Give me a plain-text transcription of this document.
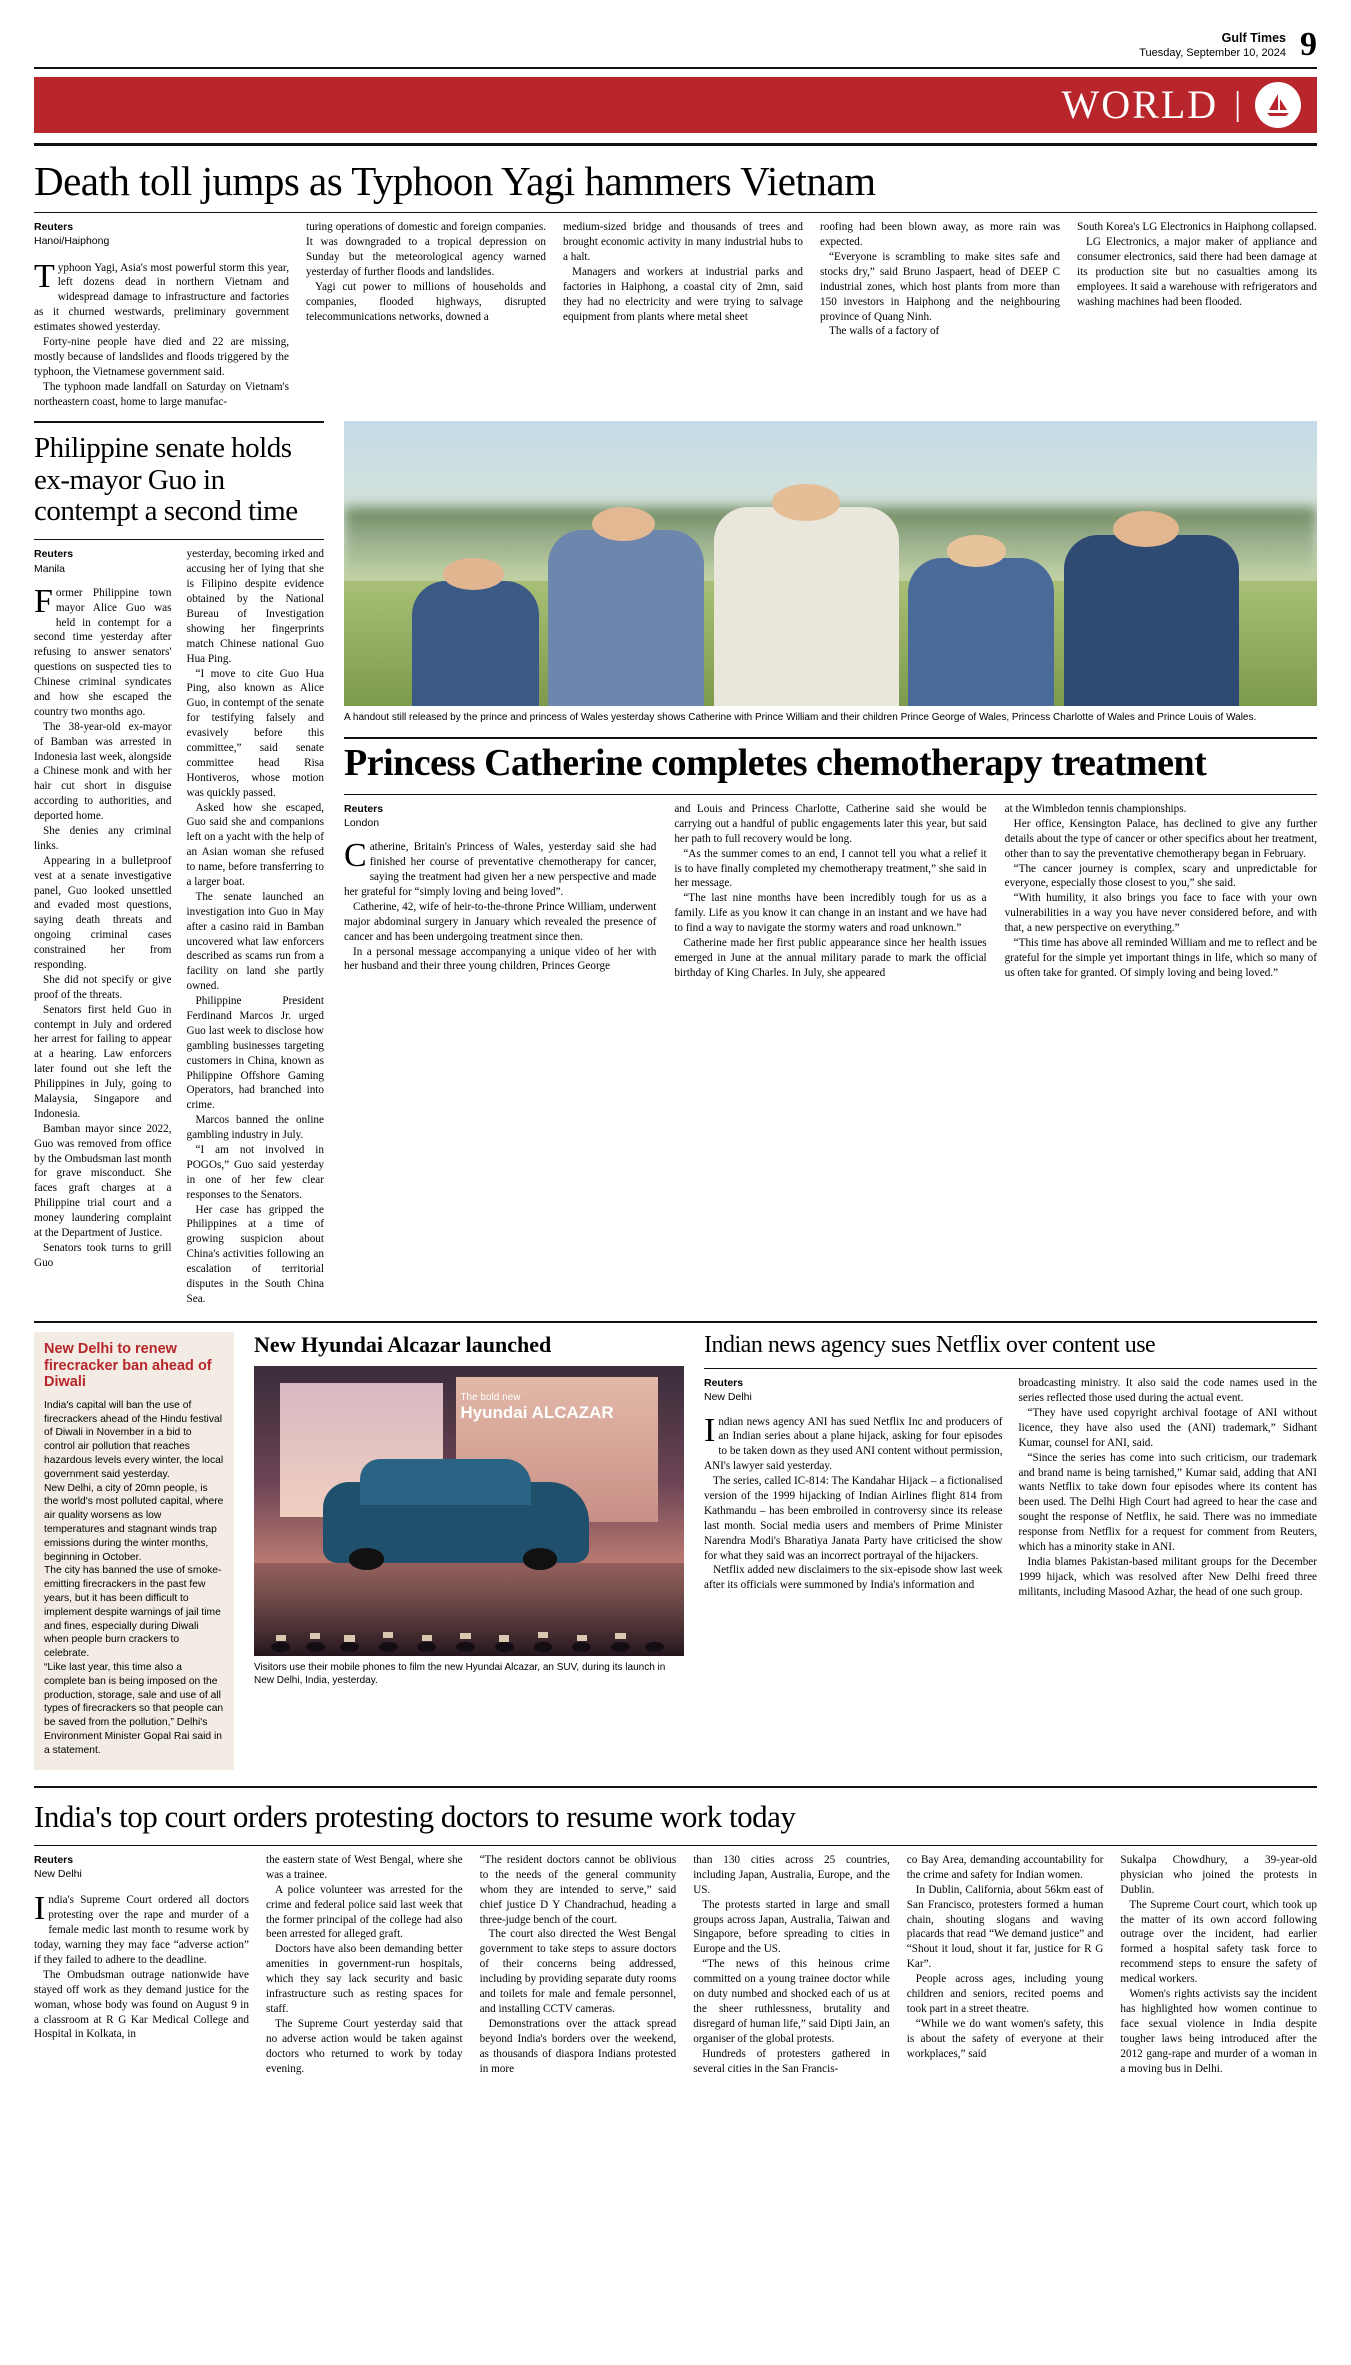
Gulf Times
Tuesday, September 10, 2024 9
WORLD |
Death toll jumps as Typhoon Yagi hammers Vietnam
Reuters
Hanoi/Haiphong

Typhoon Yagi, Asia's most powerful storm this year, left dozens dead in northern Vietnam and widespread damage to infrastructure and factories as it churned westwards, preliminary government estimates showed yesterday.

Forty-nine people have died and 22 are missing, mostly because of landslides and floods triggered by the typhoon, the Vietnamese government said.

The typhoon made landfall on Saturday on Vietnam's northeastern coast, home to large manufac-

turing operations of domestic and foreign companies. It was downgraded to a tropical depression on Sunday but the meteorological agency warned yesterday of further floods and landslides.

Yagi cut power to millions of households and companies, flooded highways, disrupted telecommunications networks, downed a

medium-sized bridge and thousands of trees and brought economic activity in many industrial hubs to a halt.

Managers and workers at industrial parks and factories in Haiphong, a coastal city of 2mn, said they had no electricity and were trying to salvage equipment from plants where metal sheet

roofing had been blown away, as more rain was expected.

“Everyone is scrambling to make sites safe and stocks dry,” said Bruno Jaspaert, head of DEEP C industrial zones, which host plants from more than 150 investors in Haiphong and the neighbouring province of Quang Ninh.

The walls of a factory of

South Korea's LG Electronics in Haiphong collapsed.

LG Electronics, a major maker of appliance and consumer electronics, said there had been damage at its production site but no casualties among its employees. It said a warehouse with refrigerators and washing machines had been flooded.

Philippine senate holds ex-mayor Guo in contempt a second time
Reuters
Manila

Former Philippine town mayor Alice Guo was held in contempt for a second time yesterday after refusing to answer senators' questions on suspected ties to Chinese criminal syndicates and how she escaped the country two months ago.

The 38-year-old ex-mayor of Bamban was arrested in Indonesia last week, alongside a Chinese monk and with her hair cut short in disguise according to authorities, and deported home.

She denies any criminal links.

Appearing in a bulletproof vest at a senate investigative panel, Guo looked unsettled and evaded most questions, saying death threats and ongoing criminal cases constrained her from responding.

She did not specify or give proof of the threats.

Senators first held Guo in contempt in July and ordered her arrest for failing to appear at a hearing. Law enforcers later found out she left the Philippines in July, going to Malaysia, Singapore and Indonesia.

Bamban mayor since 2022, Guo was removed from office by the Ombudsman last month for grave misconduct. She faces graft charges at a Philippine trial court and a money laundering complaint at the Department of Justice.

Senators took turns to grill Guo

yesterday, becoming irked and accusing her of lying that she is Filipino despite evidence obtained by the National Bureau of Investigation showing her fingerprints match Chinese national Guo Hua Ping.

“I move to cite Guo Hua Ping, also known as Alice Guo, in contempt of the senate for testifying falsely and evasively before this committee,” said senate committee head Risa Hontiveros, whose motion was quickly passed.

Asked how she escaped, Guo said she and companions left on a yacht with the help of an Asian woman she refused to name, before transferring to a larger boat.

The senate launched an investigation into Guo in May after a casino raid in Bamban uncovered what law enforcers described as scams run from a facility on land she partly owned.

Philippine President Ferdinand Marcos Jr. urged Guo last week to disclose how gambling businesses targeting customers in China, known as Philippine Offshore Gaming Operators, had branched into crime.

Marcos banned the online gambling industry in July.

“I am not involved in POGOs,” Guo said yesterday in one of her few clear responses to the Senators.

Her case has gripped the Philippines at a time of growing suspicion about China's activities following an escalation of territorial disputes in the South China Sea.

A handout still released by the prince and princess of Wales yesterday shows Catherine with Prince William and their children Prince George of Wales, Princess Charlotte of Wales and Prince Louis of Wales.
Princess Catherine completes chemotherapy treatment
Reuters
London

Catherine, Britain's Princess of Wales, yesterday said she had finished her course of preventative chemotherapy for cancer, saying the treatment had given her a new perspective and made her grateful for “simply loving and being loved”.

Catherine, 42, wife of heir-to-the-throne Prince William, underwent major abdominal surgery in January which revealed the presence of cancer and has been undergoing treatment since then.

In a personal message accompanying a unique video of her with her husband and their three young children, Princes George

and Louis and Princess Charlotte, Catherine said she would be carrying out a handful of public engagements later this year, but said her path to full recovery would be long.

“As the summer comes to an end, I cannot tell you what a relief it is to have finally completed my chemotherapy treatment,” she said in her message.

“The last nine months have been incredibly tough for us as a family. Life as you know it can change in an instant and we have had to find a way to navigate the stormy waters and road unknown.”

Catherine made her first public appearance since her health issues emerged in June at the annual military parade to mark the official birthday of King Charles. In July, she appeared

at the Wimbledon tennis championships.

Her office, Kensington Palace, has declined to give any further details about the type of cancer or other specifics about her treatment, other than to say the preventative chemotherapy began in February.

“The cancer journey is complex, scary and unpredictable for everyone, especially those closest to you,” she said.

“With humility, it also brings you face to face with your own vulnerabilities in a way you have never considered before, and with that, a new perspective on everything.”

“This time has above all reminded William and me to reflect and be grateful for the simple yet important things in life, which so many of us often take for granted. Of simply loving and being loved.”

New Delhi to renew firecracker ban ahead of Diwali

India's capital will ban the use of firecrackers ahead of the Hindu festival of Diwali in November in a bid to control air pollution that reaches hazardous levels every winter, the local government said yesterday.

New Delhi, a city of 20mn people, is the world's most polluted capital, where air quality worsens as low temperatures and stagnant winds trap emissions during the winter months, beginning in October.

The city has banned the use of smoke-emitting firecrackers in the past few years, but it has been difficult to implement despite warnings of jail time and fines, especially during Diwali when people burn crackers to celebrate.

“Like last year, this time also a complete ban is being imposed on the production, storage, sale and use of all types of firecrackers so that people can be saved from the pollution,” Delhi's Environment Minister Gopal Rai said in a statement.

New Hyundai Alcazar launched
The bold new
Hyundai ALCAZAR
Visitors use their mobile phones to film the new Hyundai Alcazar, an SUV, during its launch in New Delhi, India, yesterday.
Indian news agency sues Netflix over content use
Reuters
New Delhi

Indian news agency ANI has sued Netflix Inc and producers of an Indian series about a plane hijack, asking for four episodes to be taken down as they used ANI content without permission, ANI's lawyer said yesterday.

The series, called IC-814: The Kandahar Hijack – a fictionalised version of the 1999 hijacking of Indian Airlines flight 814 from Kathmandu – has been embroiled in controversy since its release last month. Social media users and members of Prime Minister Narendra Modi's Bharatiya Janata Party have criticised the show for what they said was an incorrect portrayal of the hijackers.

Netflix added new disclaimers to the six-episode show last week after its officials were summoned by India's information and

broadcasting ministry. It also said the code names used in the series reflected those used during the actual event.

“They have used copyright archival footage of ANI without licence, they have also used the (ANI) trademark,” Sidhant Kumar, counsel for ANI, said.

“Since the series has come into such criticism, our trademark and brand name is being tarnished,” Kumar said, adding that ANI wants Netflix to take down four episodes where its content has been used. The Delhi High Court had agreed to hear the case and sought the response of Netflix, he said. There was no immediate response from Netflix for a request for comment from Reuters, which has a minority stake in ANI.

India blames Pakistan-based militant groups for the December 1999 hijack, which was resolved after New Delhi freed three militants, including Masood Azhar, the head of one such group.

India's top court orders protesting doctors to resume work today
Reuters
New Delhi

India's Supreme Court ordered all doctors protesting over the rape and murder of a female medic last month to resume work by today, warning they may face “adverse action” if they failed to adhere to the deadline.

The Ombudsman outrage nationwide have stayed off work as they demand justice for the woman, whose body was found on August 9 in a classroom at R G Kar Medical College and Hospital in Kolkata, in

the eastern state of West Bengal, where she was a trainee.

A police volunteer was arrested for the crime and federal police said last week that the former principal of the college had also been arrested for alleged graft.

Doctors have also been demanding better amenities in government-run hospitals, which they say lack security and basic infrastructure such as resting spaces for staff.

The Supreme Court yesterday said that no adverse action would be taken against doctors who returned to work by today evening.

“The resident doctors cannot be oblivious to the needs of the general community whom they are intended to serve,” said chief justice D Y Chandrachud, heading a three-judge bench of the court.

The court also directed the West Bengal government to take steps to assure doctors of their concerns being addressed, including by providing separate duty rooms and toilets for male and female personnel, and installing CCTV cameras.

Demonstrations over the attack spread beyond India's borders over the weekend, as thousands of diaspora Indians protested in more

than 130 cities across 25 countries, including Japan, Australia, Europe, and the US.

The protests started in large and small groups across Japan, Australia, Taiwan and Singapore, before spreading to cities in Europe and the US.

“The news of this heinous crime committed on a young trainee doctor while on duty numbed and shocked each of us at the sheer ruthlessness, brutality and disregard of human life,” said Dipti Jain, an organiser of the global protests.

Hundreds of protesters gathered in several cities in the San Francis-

co Bay Area, demanding accountability for the crime and safety for Indian women.

In Dublin, California, about 56km east of San Francisco, protesters formed a human chain, shouting slogans and waving placards that read “We demand justice” and “Shout it loud, shout it far, justice for R G Kar”.

People across ages, including young children and seniors, recited poems and took part in a street theatre.

“While we do want women's safety, this is about the safety of everyone at their workplaces,” said

Sukalpa Chowdhury, a 39-year-old physician who joined the protests in Dublin.

The Supreme Court court, which took up the matter of its own accord following outrage over the incident, had earlier formed a hospital safety task force to recommend steps to ensure the safety of medical workers.

Women's rights activists say the incident has highlighted how women continue to face sexual violence in India despite tougher laws being introduced after the 2012 gang-rape and murder of a woman in a moving bus in Delhi.
